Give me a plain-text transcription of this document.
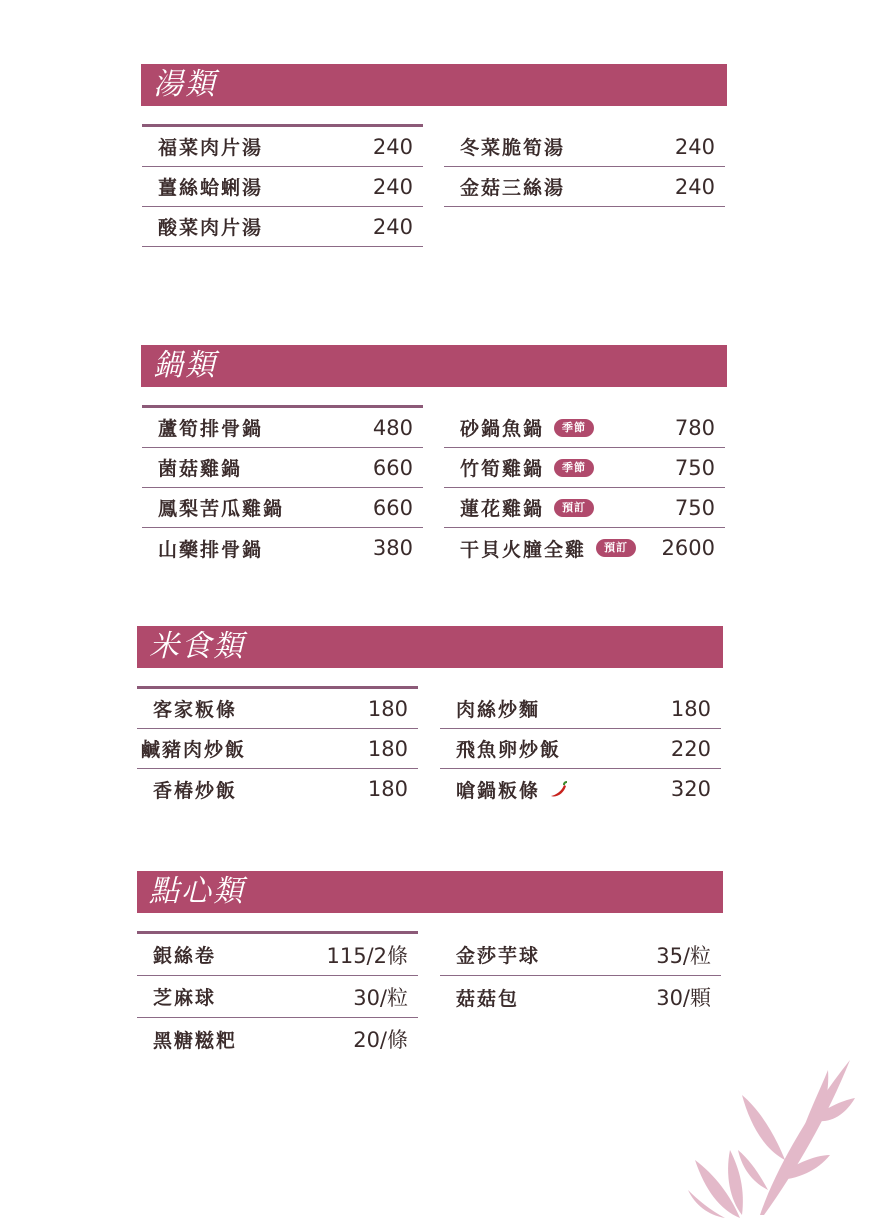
湯類
福菜肉片湯	240
薑絲蛤蜊湯	240
酸菜肉片湯	240
冬菜脆筍湯	240
金菇三絲湯	240
鍋類
蘆筍排骨鍋	480
菌菇雞鍋	660
鳳梨苦瓜雞鍋	660
山藥排骨鍋	380
砂鍋魚鍋	季節	780
竹筍雞鍋	季節	750
蓮花雞鍋	預訂	750
干貝火膧全雞	預訂	2600
米食類
客家粄條	180
鹹豬肉炒飯	180
香椿炒飯	180
肉絲炒麵	180
飛魚卵炒飯	220
嗆鍋粄條	320
點心類
銀絲卷	115/2條
芝麻球	30/粒
黑糖糍粑	20/條
金莎芋球	35/粒
菇菇包	30/顆
